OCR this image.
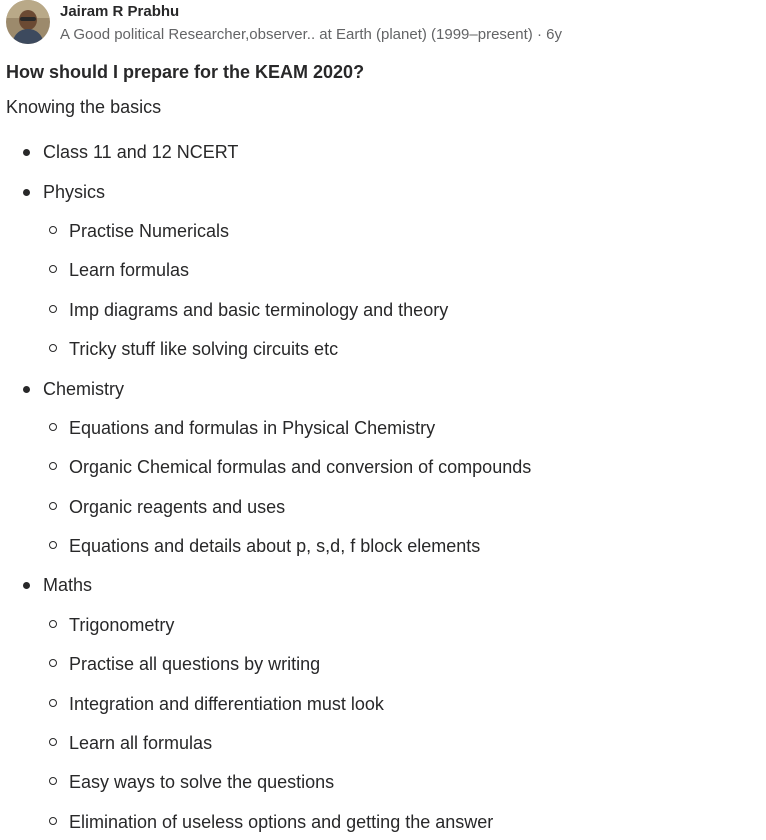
Jairam R Prabhu
A Good political Researcher,observer.. at Earth (planet) (1999–present) · 6y
How should I prepare for the KEAM 2020?
Knowing the basics
Class 11 and 12 NCERT
Physics
Practise Numericals
Learn formulas
Imp diagrams and basic terminology and theory
Tricky stuff like solving circuits etc
Chemistry
Equations and formulas in Physical Chemistry
Organic Chemical formulas and conversion of compounds
Organic reagents and uses
Equations and details about p, s,d, f block elements
Maths
Trigonometry
Practise all questions by writing
Integration and differentiation must look
Learn all formulas
Easy ways to solve the questions
Elimination of useless options and getting the answer
